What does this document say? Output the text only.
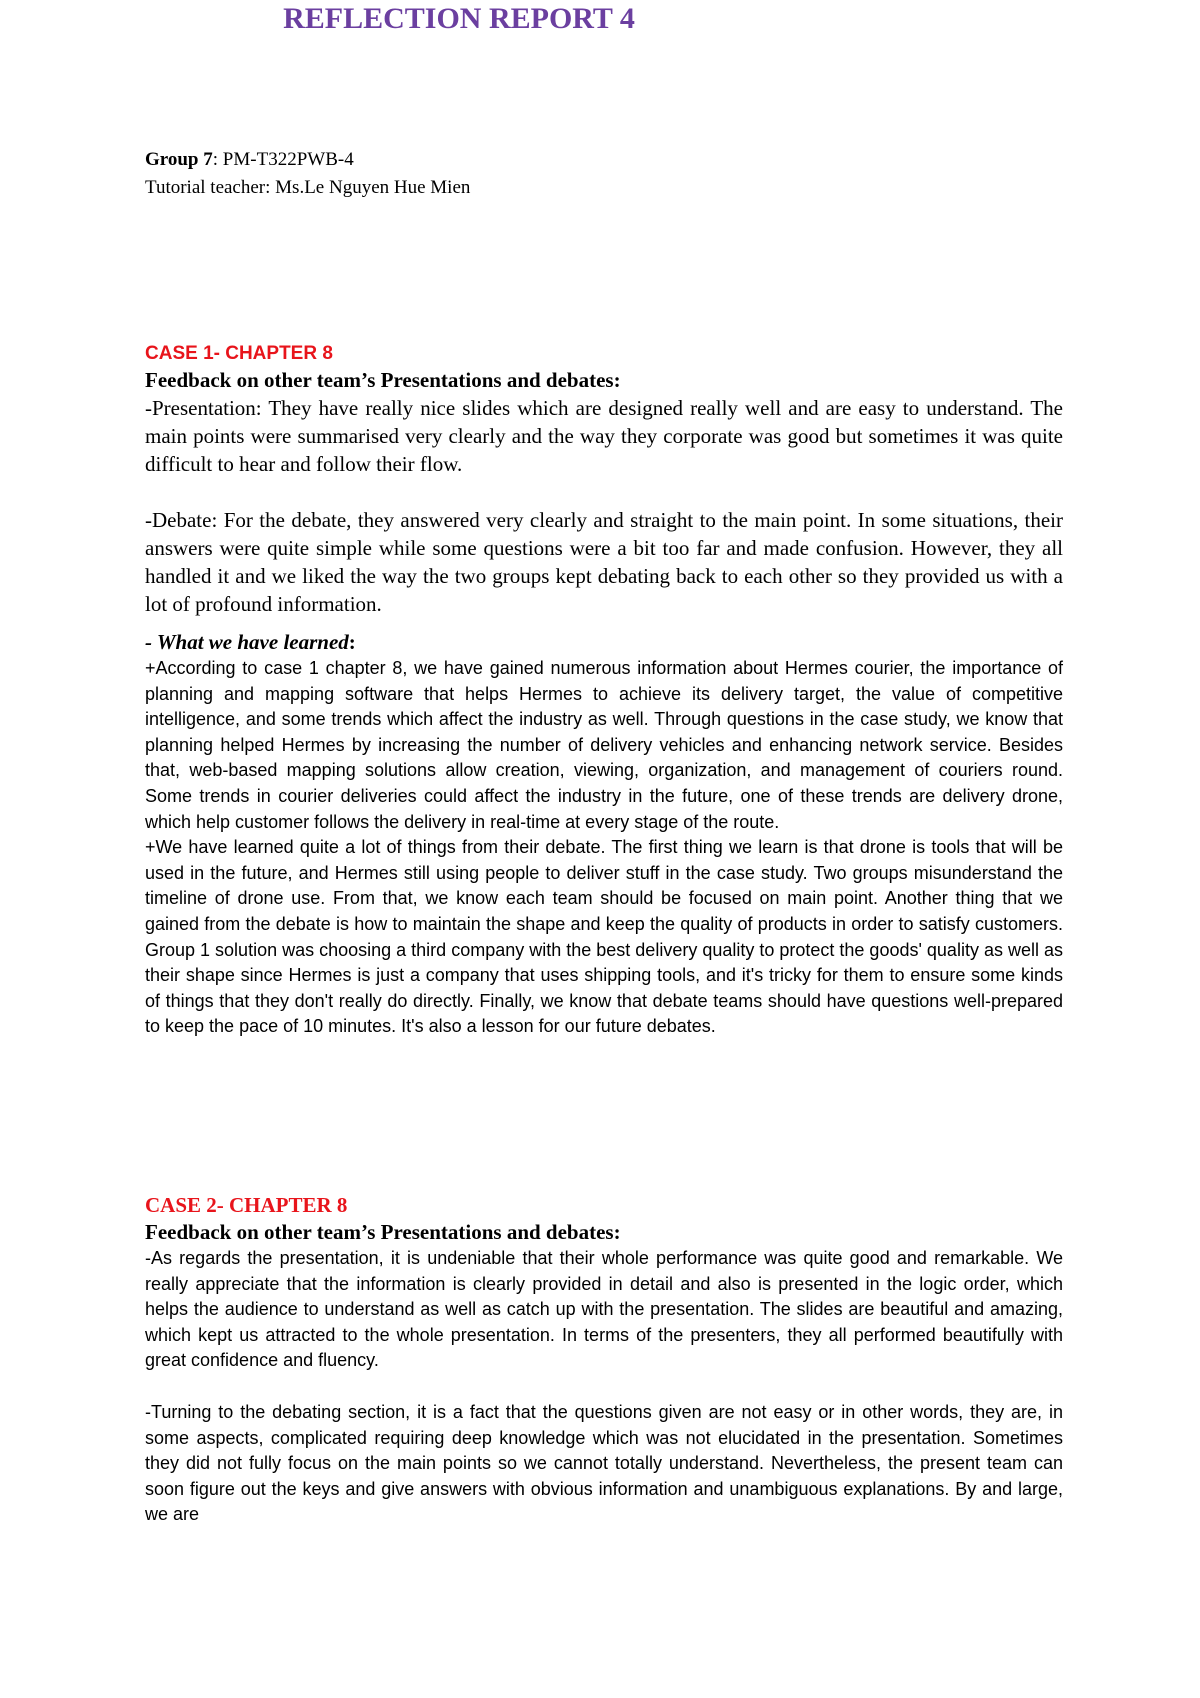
Group 7: PM-T322PWB-4
Tutorial teacher: Ms.Le Nguyen Hue Mien
REFLECTION REPORT 4
CASE 1- CHAPTER 8
Feedback on other team’s Presentations and debates:

-Presentation: They have really nice slides which are designed really well and are easy to understand. The main points were summarised very clearly and the way they corporate was good but sometimes it was quite difficult to hear and follow their flow.

-Debate: For the debate, they answered very clearly and straight to the main point. In some situations, their answers were quite simple while some questions were a bit too far and made confusion. However, they all handled it and we liked the way the two groups kept debating back to each other so they provided us with a lot of profound information.

- What we have learned:

+According to case 1 chapter 8, we have gained numerous information about Hermes courier, the importance of planning and mapping software that helps Hermes to achieve its delivery target, the value of competitive intelligence, and some trends which affect the industry as well. Through questions in the case study, we know that planning helped Hermes by increasing the number of delivery vehicles and enhancing network service. Besides that, web-based mapping solutions allow creation, viewing, organization, and management of couriers round. Some trends in courier deliveries could affect the industry in the future, one of these trends are delivery drone, which help customer follows the delivery in real-time at every stage of the route.

+We have learned quite a lot of things from their debate. The first thing we learn is that drone is tools that will be used in the future, and Hermes still using people to deliver stuff in the case study. Two groups misunderstand the timeline of drone use. From that, we know each team should be focused on main point. Another thing that we gained from the debate is how to maintain the shape and keep the quality of products in order to satisfy customers. Group 1 solution was choosing a third company with the best delivery quality to protect the goods' quality as well as their shape since Hermes is just a company that uses shipping tools, and it's tricky for them to ensure some kinds of things that they don't really do directly. Finally, we know that debate teams should have questions well-prepared to keep the pace of 10 minutes. It's also a lesson for our future debates.

CASE 2- CHAPTER 8
Feedback on other team’s Presentations and debates:

-As regards the presentation, it is undeniable that their whole performance was quite good and remarkable. We really appreciate that the information is clearly provided in detail and also is presented in the logic order, which helps the audience to understand as well as catch up with the presentation. The slides are beautiful and amazing, which kept us attracted to the whole presentation. In terms of the presenters, they all performed beautifully with great confidence and fluency.

-Turning to the debating section, it is a fact that the questions given are not easy or in other words, they are, in some aspects, complicated requiring deep knowledge which was not elucidated in the presentation. Sometimes they did not fully focus on the main points so we cannot totally understand. Nevertheless, the present team can soon figure out the keys and give answers with obvious information and unambiguous explanations. By and large, we are
